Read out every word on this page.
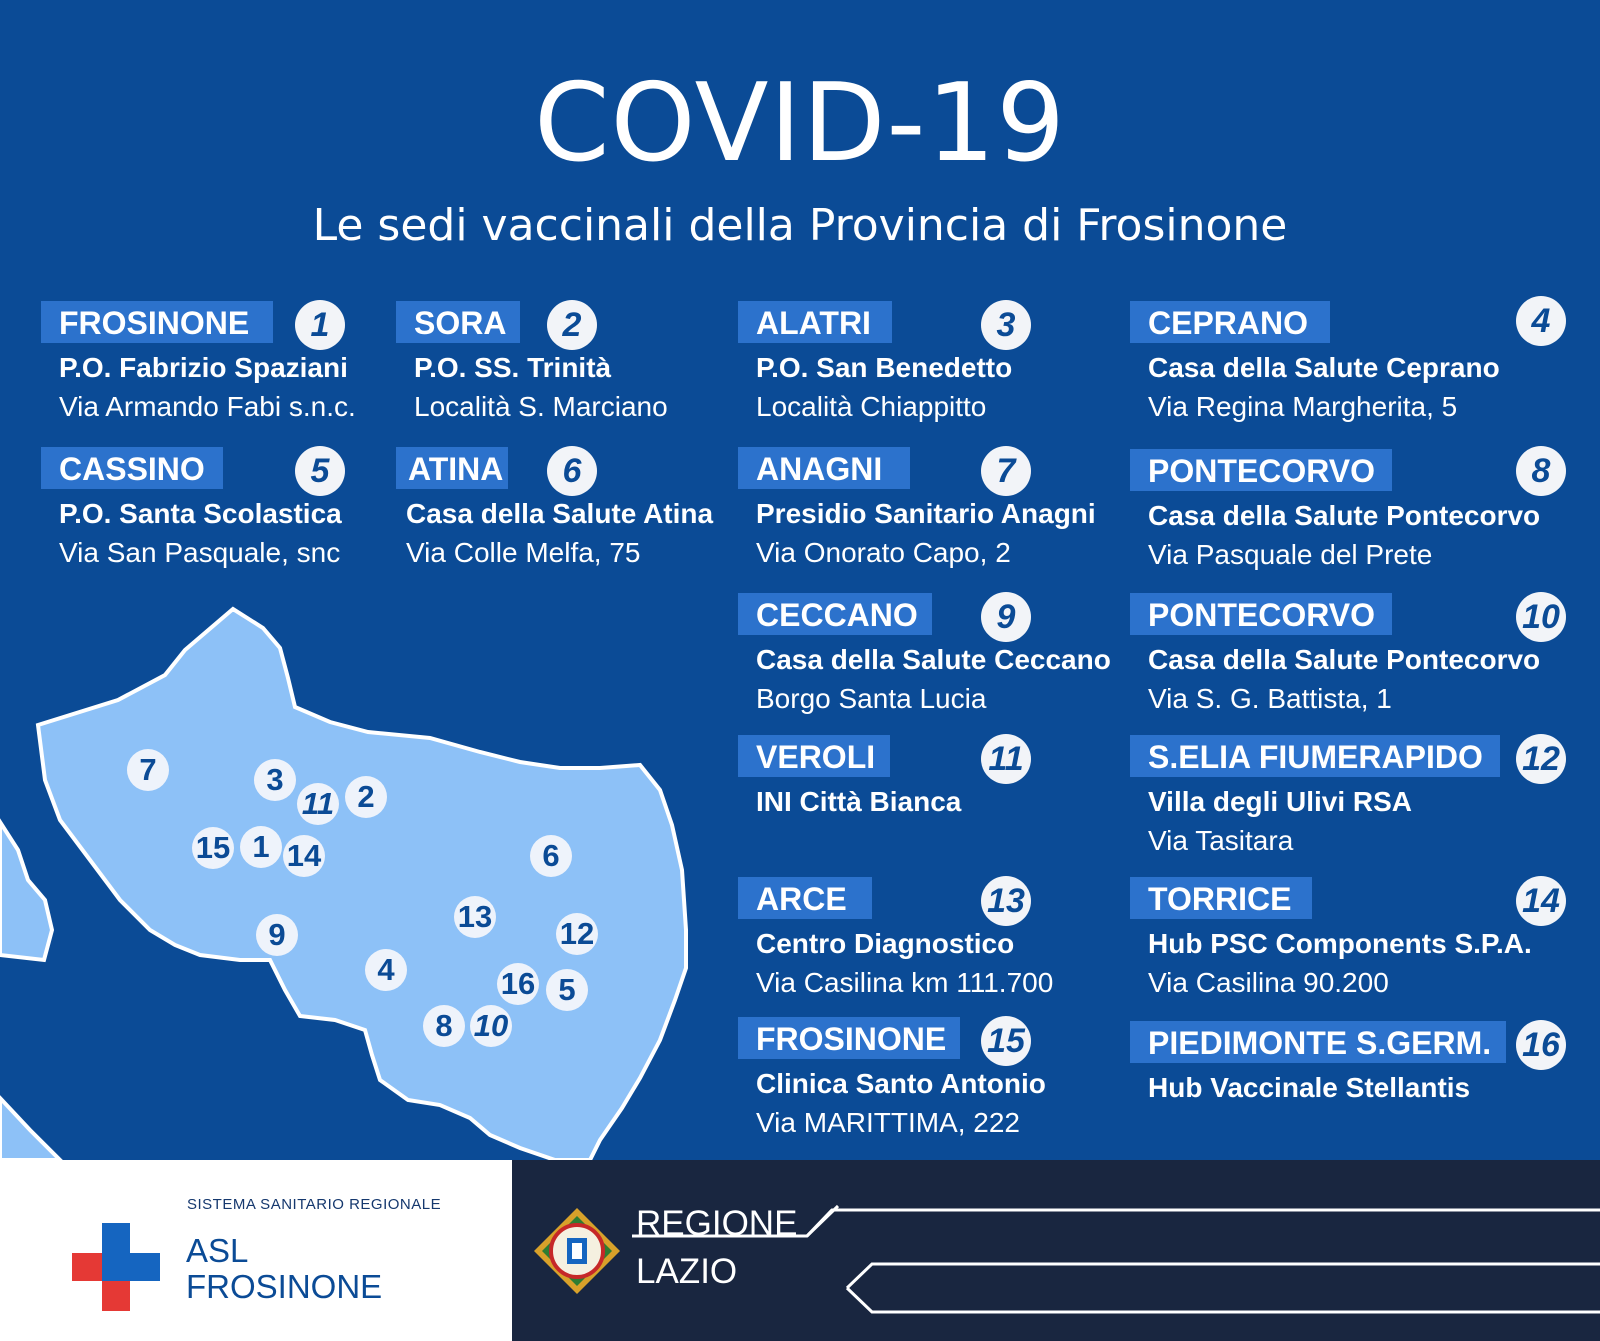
COVID-19
Le sedi vaccinali della Provincia di Frosinone
7	3
11 2
15 1 14	6
9
13 12
4	16 5
8 10
FROSINONE	1
P.O. Fabrizio Spaziani
Via Armando Fabi s.n.c.
CASSINO	5
P.O. Santa Scolastica
Via San Pasquale, snc
SORA	2
P.O. SS. Trinità
Località S. Marciano
ATINA	6
Casa della Salute Atina
Via Colle Melfa, 75
ALATRI	3
P.O. San Benedetto
Località Chiappitto
ANAGNI	7
Presidio Sanitario Anagni
Via Onorato Capo, 2
CECCANO	9
Casa della Salute Ceccano
Borgo Santa Lucia
VEROLI	11
INI Città Bianca
ARCE	13
Centro Diagnostico
Via Casilina km 111.700
FROSINONE	15
Clinica Santo Antonio
Via MARITTIMA, 222
CEPRANO	4
Casa della Salute Ceprano
Via Regina Margherita, 5
PONTECORVO	8
Casa della Salute Pontecorvo
Via Pasquale del Prete
PONTECORVO	10
Casa della Salute Pontecorvo
Via S. G. Battista, 1
S.ELIA FIUMERAPIDO	12
Villa degli Ulivi RSA
Via Tasitara
TORRICE	14
Hub PSC Components S.P.A.
Via Casilina 90.200
PIEDIMONTE S.GERM. 16
Hub Vaccinale Stellantis
SISTEMA SANITARIO REGIONALE
ASL
FROSINONE
REGIONE
LAZIO
